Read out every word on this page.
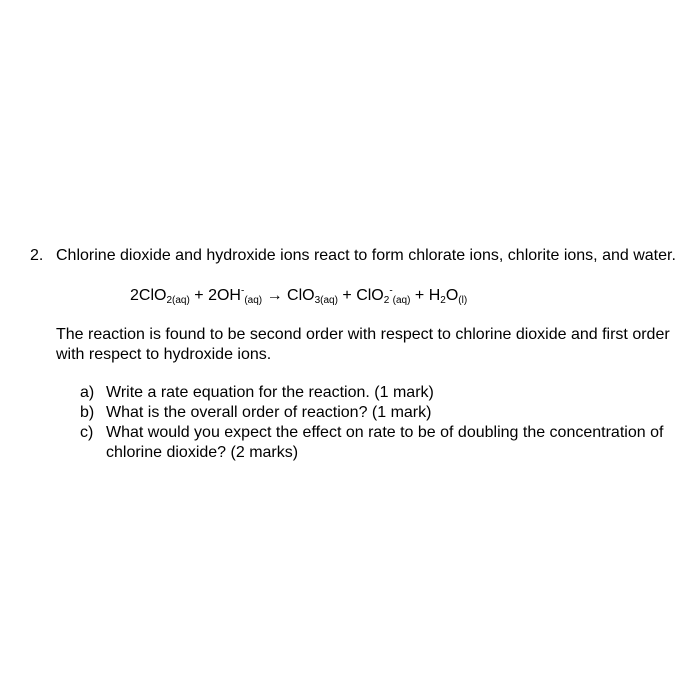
2. Chlorine dioxide and hydroxide ions react to form chlorate ions, chlorite ions, and water.
$2ClO_{2(aq)} + 2OH^-_{(aq)} \to ClO_{3(aq)} + ClO_2^-_{(aq)} + H_2O_{(l)}$
The reaction is found to be second order with respect to chlorine dioxide and first order with respect to hydroxide ions.
a) Write a rate equation for the reaction. (1 mark)
b) What is the overall order of reaction? (1 mark)
c) What would you expect the effect on rate to be of doubling the concentration of chlorine dioxide? (2 marks)
